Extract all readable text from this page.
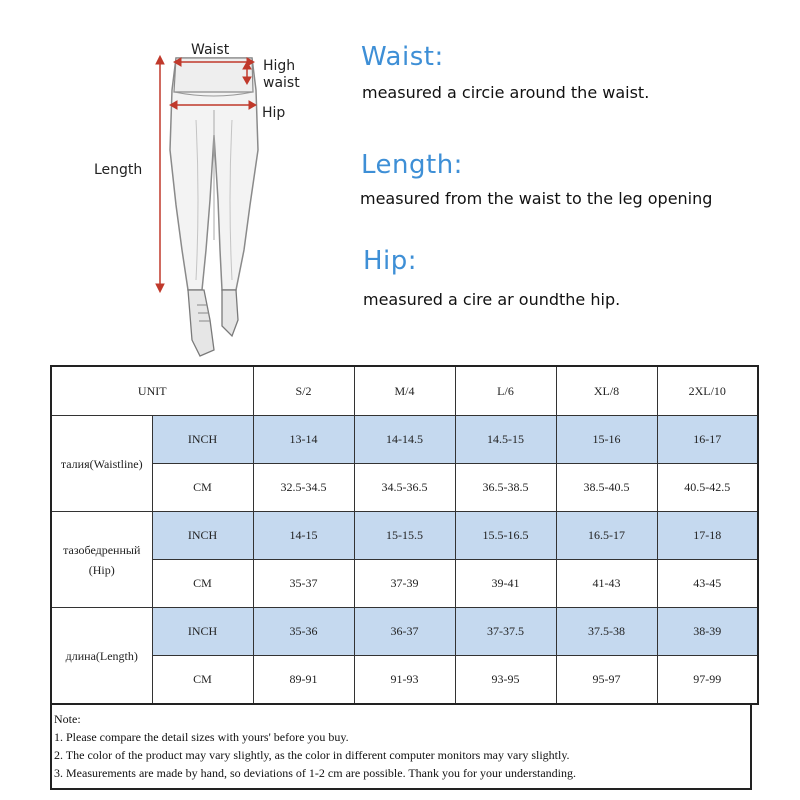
Waist
High waist
Hip
Length
Waist:
measured a circie around the waist.
Length:
measured from the waist to the leg opening
Hip:
measured a cire ar oundthe hip.
UNIT		S/2	M/4	L/6	XL/8	2XL/10
талия(Waistline)	INCH	13-14	14-14.5	14.5-15	15-16	16-17
	CM	32.5-34.5	34.5-36.5	36.5-38.5	38.5-40.5	40.5-42.5
тазобедренный (Hip)	INCH	14-15	15-15.5	15.5-16.5	16.5-17	17-18
	CM	35-37	37-39	39-41	41-43	43-45
длина(Length)	INCH	35-36	36-37	37-37.5	37.5-38	38-39
	CM	89-91	91-93	93-95	95-97	97-99
Note:
1. Please compare the detail sizes with yours' before you buy.
2. The color of the product may vary slightly, as the color in different computer monitors may vary slightly.
3. Measurements are made by hand, so deviations of 1-2 cm are possible. Thank you for your understanding.
